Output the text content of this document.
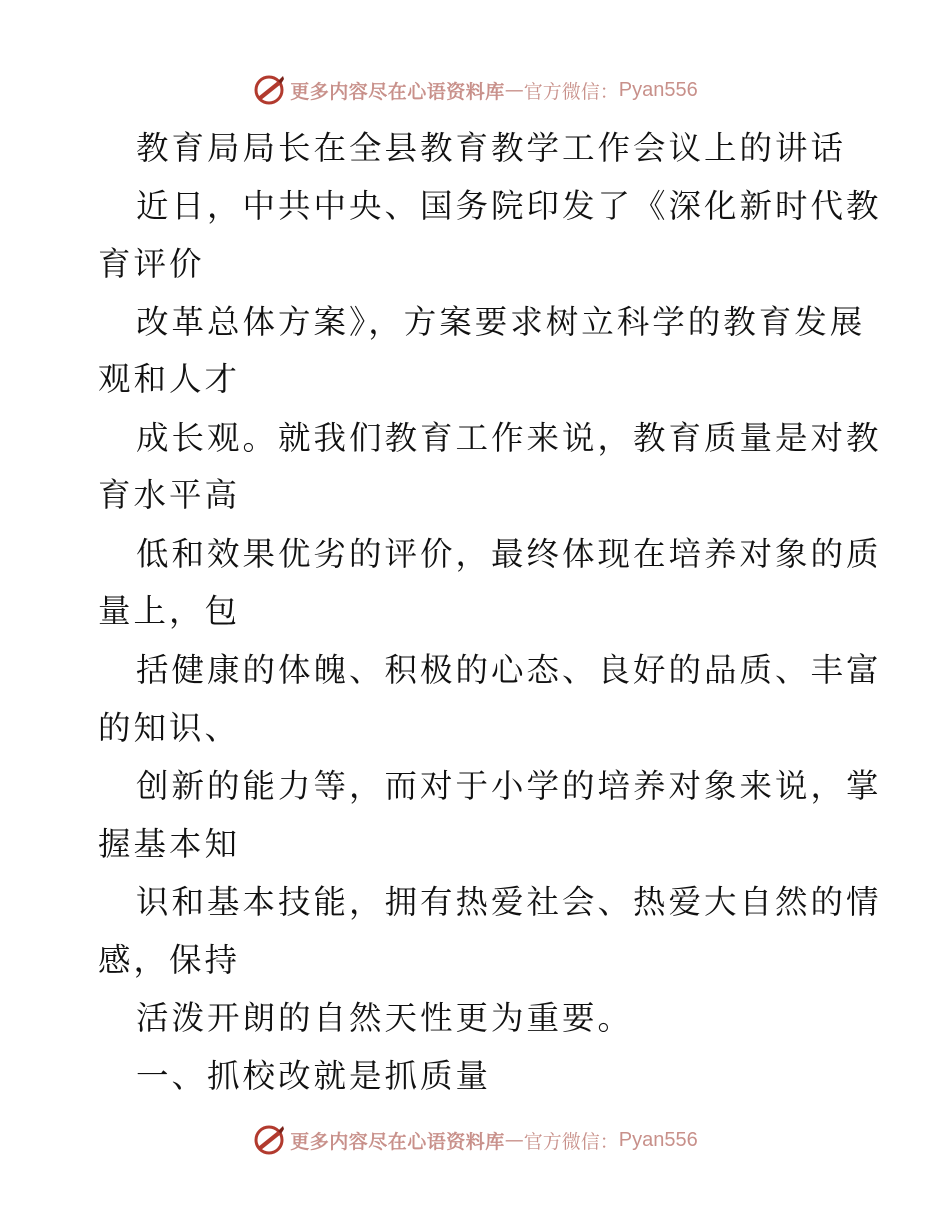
更多内容尽在心语资料库 — 官方微信： Pyan556
教育局局长在全县教育教学工作会议上的讲话
近日，中共中央、国务院印发了《深化新时代教
育评价
改革总体方案》，方案要求树立科学的教育发展
观和人才
成长观。就我们教育工作来说，教育质量是对教
育水平高
低和效果优劣的评价，最终体现在培养对象的质
量上，包
括健康的体魄、积极的心态、良好的品质、丰富
的知识、
创新的能力等，而对于小学的培养对象来说，掌
握基本知
识和基本技能，拥有热爱社会、热爱大自然的情
感，保持
活泼开朗的自然天性更为重要。
一、抓校改就是抓质量
更多内容尽在心语资料库 — 官方微信： Pyan556
